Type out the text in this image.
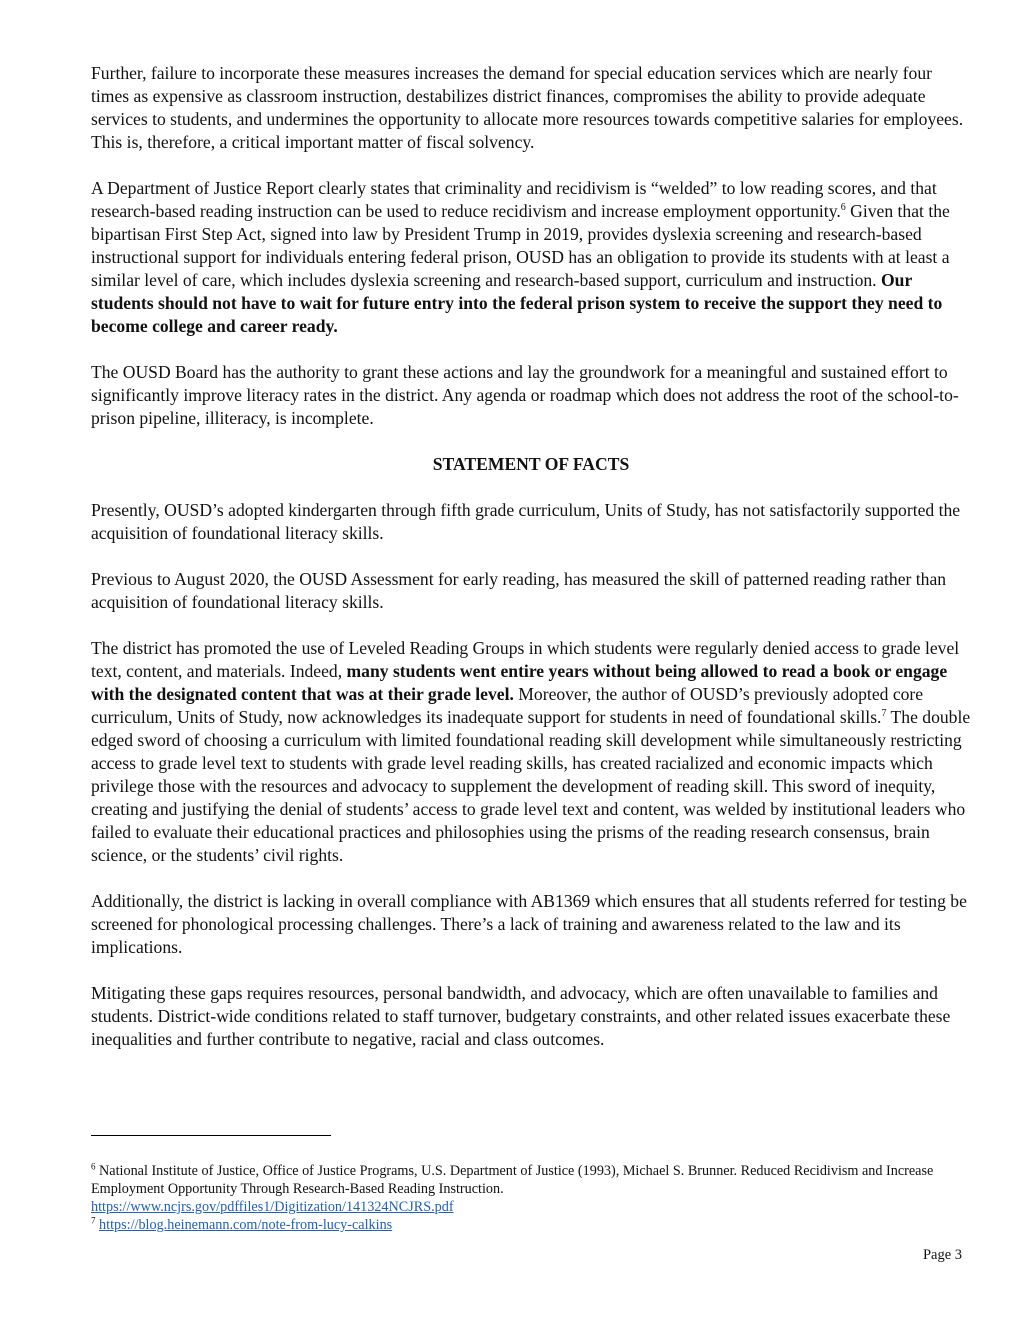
Further, failure to incorporate these measures increases the demand for special education services which are nearly four times as expensive as classroom instruction, destabilizes district finances, compromises the ability to provide adequate services to students, and undermines the opportunity to allocate more resources towards competitive salaries for employees. This is, therefore, a critical important matter of fiscal solvency.

A Department of Justice Report clearly states that criminality and recidivism is “welded” to low reading scores, and that research-based reading instruction can be used to reduce recidivism and increase employment opportunity.$^6$ Given that the bipartisan First Step Act, signed into law by President Trump in 2019, provides dyslexia screening and research-based instructional support for individuals entering federal prison, OUSD has an obligation to provide its students with at least a similar level of care, which includes dyslexia screening and research-based support, curriculum and instruction. Our students should not have to wait for future entry into the federal prison system to receive the support they need to become college and career ready.

The OUSD Board has the authority to grant these actions and lay the groundwork for a meaningful and sustained effort to significantly improve literacy rates in the district. Any agenda or roadmap which does not address the root of the school-to-prison pipeline, illiteracy, is incomplete.

STATEMENT OF FACTS

Presently, OUSD’s adopted kindergarten through fifth grade curriculum, Units of Study, has not satisfactorily supported the acquisition of foundational literacy skills.

Previous to August 2020, the OUSD Assessment for early reading, has measured the skill of patterned reading rather than acquisition of foundational literacy skills.

The district has promoted the use of Leveled Reading Groups in which students were regularly denied access to grade level text, content, and materials. Indeed, many students went entire years without being allowed to read a book or engage with the designated content that was at their grade level. Moreover, the author of OUSD’s previously adopted core curriculum, Units of Study, now acknowledges its inadequate support for students in need of foundational skills.$^7$ The double edged sword of choosing a curriculum with limited foundational reading skill development while simultaneously restricting access to grade level text to students with grade level reading skills, has created racialized and economic impacts which privilege those with the resources and advocacy to supplement the development of reading skill. This sword of inequity, creating and justifying the denial of students’ access to grade level text and content, was welded by institutional leaders who failed to evaluate their educational practices and philosophies using the prisms of the reading research consensus, brain science, or the students’ civil rights.

Additionally, the district is lacking in overall compliance with AB1369 which ensures that all students referred for testing be screened for phonological processing challenges. There’s a lack of training and awareness related to the law and its implications.

Mitigating these gaps requires resources, personal bandwidth, and advocacy, which are often unavailable to families and students. District-wide conditions related to staff turnover, budgetary constraints, and other related issues exacerbate these inequalities and further contribute to negative, racial and class outcomes.

$^6$ National Institute of Justice, Office of Justice Programs, U.S. Department of Justice (1993), Michael S. Brunner. Reduced Recidivism and Increase Employment Opportunity Through Research-Based Reading Instruction.
https://www.ncjrs.gov/pdffiles1/Digitization/141324NCJRS.pdf
$^7$ https://blog.heinemann.com/note-from-lucy-calkins
Page 3
